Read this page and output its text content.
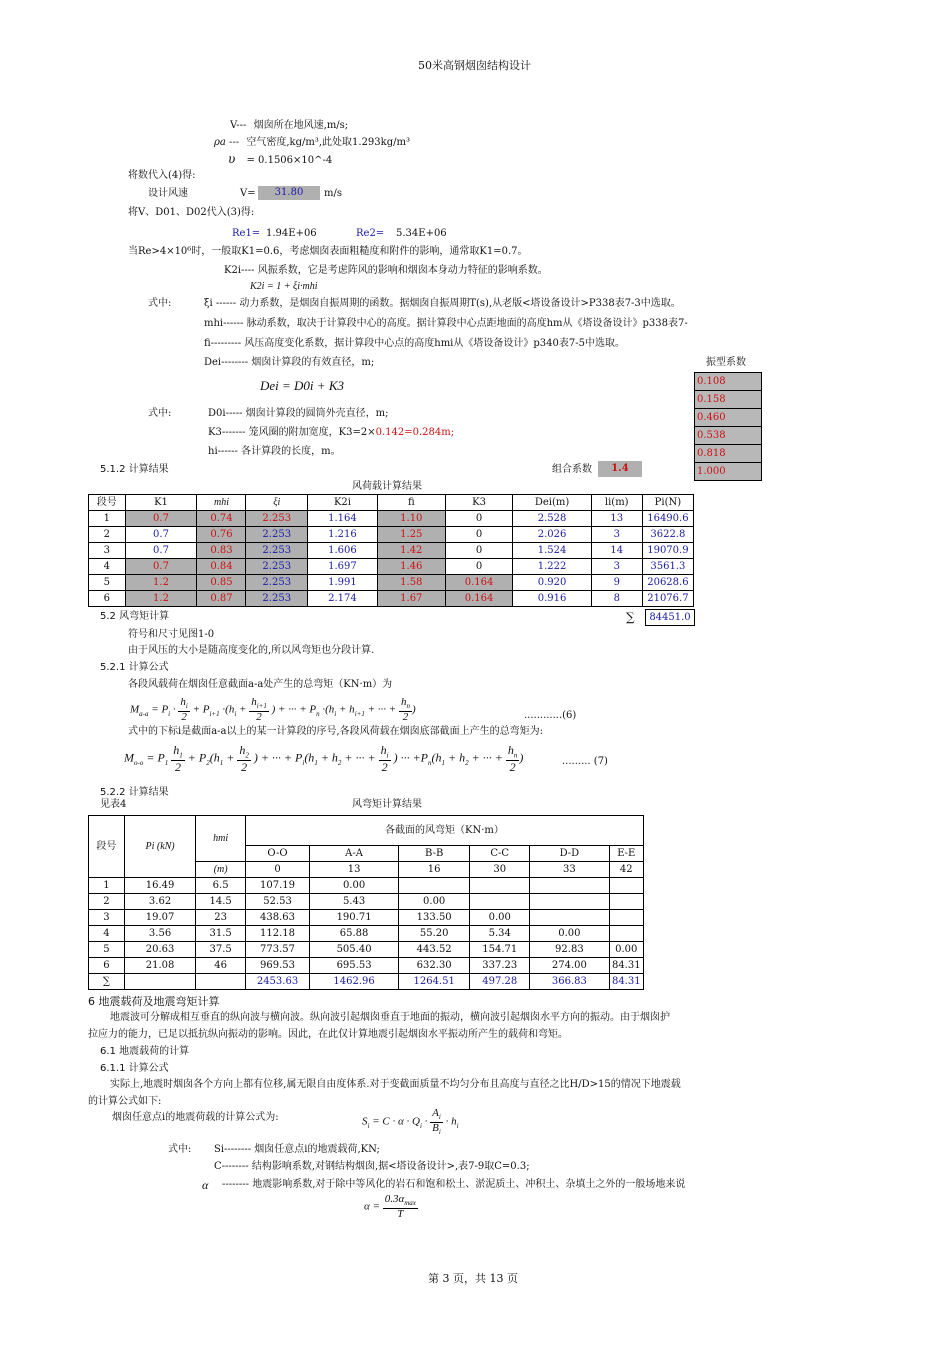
50米高钢烟囱结构设计
V--- 烟囱所在地风速,m/s;
ρa --- 空气密度,kg/m³,此处取1.293kg/m³
υ = 0.1506×10^-4
将数代入(4)得:
设计风速	V=	31.80	m/s
将V、D01、D02代入(3)得:
Re1= 1.94E+06	Re2= 5.34E+06
当Re>4×10⁶时，一般取K1=0.6，考虑烟囱表面粗糙度和附件的影响，通常取K1=0.7。
K2i---- 风振系数，它是考虑阵风的影响和烟囱本身动力特征的影响系数。
K2i = 1 + ξi·mhi
式中:	ξi ------ 动力系数，是烟囱自振周期的函数。据烟囱自振周期T(s),从老版<塔设备设计>P338表7-3中选取。
mhi------ 脉动系数，取决于计算段中心的高度。据计算段中心点距地面的高度hm从《塔设备设计》p338表7-
fi--------- 风压高度变化系数，据计算段中心点的高度hmi从《塔设备设计》p340表7-5中选取。
Dei-------- 烟囱计算段的有效直径，m;
Dei = D0i + K3
式中:	D0i----- 烟囱计算段的圆筒外壳直径，m;
K3------- 笼风圈的附加宽度，K3=2×0.142=0.284m;
hi------ 各计算段的长度，m。
振型系数
0.108
0.158
0.460
0.538
0.818
1.000
5.1.2 计算结果	组合系数	1.4
风荷载计算结果
段号	K1	mhi	ξi	K2i	fi	K3	Dei(m)	li(m)	Pi(N)
1	0.7	0.74	2.253	1.164	1.10	0	2.528	13	16490.6
2	0.7	0.76	2.253	1.216	1.25	0	2.026	3	3622.8
3	0.7	0.83	2.253	1.606	1.42	0	1.524	14	19070.9
4	0.7	0.84	2.253	1.697	1.46	0	1.222	3	3561.3
5	1.2	0.85	2.253	1.991	1.58	0.164	0.920	9	20628.6
6	1.2	0.87	2.253	2.174	1.67	0.164	0.916	8	21076.7
∑	84451.0
5.2 风弯矩计算
符号和尺寸见图1-0
由于风压的大小是随高度变化的,所以风弯矩也分段计算.
5.2.1 计算公式
各段风载荷在烟囱任意截面a-a处产生的总弯矩（KN·m）为
$M_{a-a} = P_i \cdot \frac{h_i}{2} + P_{i+1} \cdot(h_i + \frac{h_{i+1}}{2}$ ) + ··· + $P_n \cdot(h_i + h_{i+1}$ + ··· + $\frac{h_n}{2}$ )	............(6)
式中的下标i是截面a-a以上的某一计算段的序号,各段风荷载在烟囱底部截面上产生的总弯矩为:
$M_{o-o} = P_1 \frac{h_1}{2} + P_2(h_1 + \frac{h_2}{2}$ ) + ··· + $P_i(h_1 + h_2$ + ··· + $\frac{h_i}{2}$ ) ··· $+P_n(h_1 + h_2$ + ··· + $\frac{h_n}{2}$ )	......... (7)
5.2.2 计算结果
见表4	风弯矩计算结果
段号	Pi (kN)	hmi	各截面的风弯矩（KN·m）					
			O-O	A-A	B-B	C-C	D-D	E-E
		(m)	0	13	16	30	33	42
1	16.49	6.5	107.19	0.00				
2	3.62	14.5	52.53	5.43	0.00			
3	19.07	23	438.63	190.71	133.50	0.00		
4	3.56	31.5	112.18	65.88	55.20	5.34	0.00	
5	20.63	37.5	773.57	505.40	443.52	154.71	92.83	0.00
6	21.08	46	969.53	695.53	632.30	337.23	274.00	84.31
∑			2453.63	1462.96	1264.51	497.28	366.83	84.31
6 地震载荷及地震弯矩计算
地震波可分解成相互垂直的纵向波与横向波。纵向波引起烟囱垂直于地面的振动，横向波引起烟囱水平方向的振动。由于烟囱护
拉应力的能力，已足以抵抗纵向振动的影响。因此，在此仅计算地震引起烟囱水平振动所产生的载荷和弯矩。
6.1 地震载荷的计算
6.1.1 计算公式
实际上,地震时烟囱各个方向上都有位移,属无限自由度体系.对于变截面质量不均匀分布且高度与直径之比H/D>15的情况下地震载
的计算公式如下:
烟囱任意点i的地震荷载的计算公式为:	$S_i = C \cdot \alpha \cdot Q_i \cdot \frac{A_i}{B_i} \cdot h_i$
式中: Si-------- 烟囱任意点i的地震载荷,KN;
C-------- 结构影响系数,对钢结构烟囱,据<塔设备设计>,表7-9取C=0.3;
α -------- 地震影响系数,对于除中等风化的岩石和饱和松土、淤泥质土、冲积土、杂填土之外的一般场地来说
$\alpha = \frac{0.3\alpha_{max}}{T}$
第 3 页，共 13 页
